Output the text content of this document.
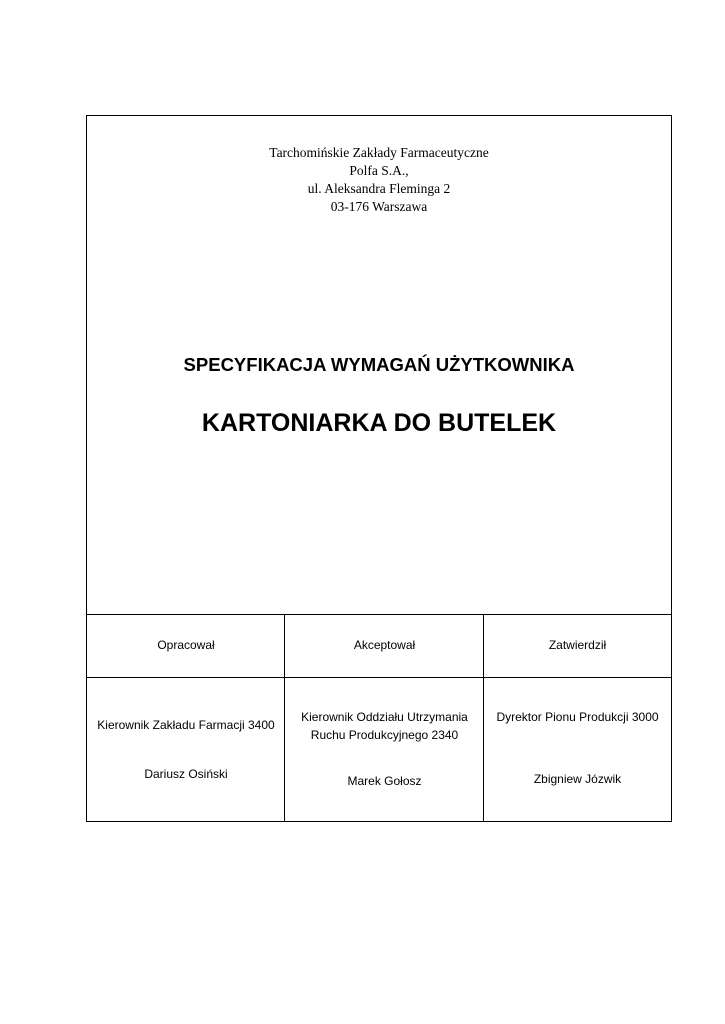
Tarchomińskie Zakłady Farmaceutyczne
Polfa S.A.,
ul. Aleksandra Fleminga 2
03-176 Warszawa
SPECYFIKACJA WYMAGAŃ UŻYTKOWNIKA
KARTONIARKA DO BUTELEK
Opracował	Akceptował	Zatwierdził
Kierownik Zakładu Farmacji 3400
Dariusz Osiński
Kierownik Oddziału Utrzymania
Ruchu Produkcyjnego 2340
Marek Gołosz
Dyrektor Pionu Produkcji 3000
Zbigniew Józwik
